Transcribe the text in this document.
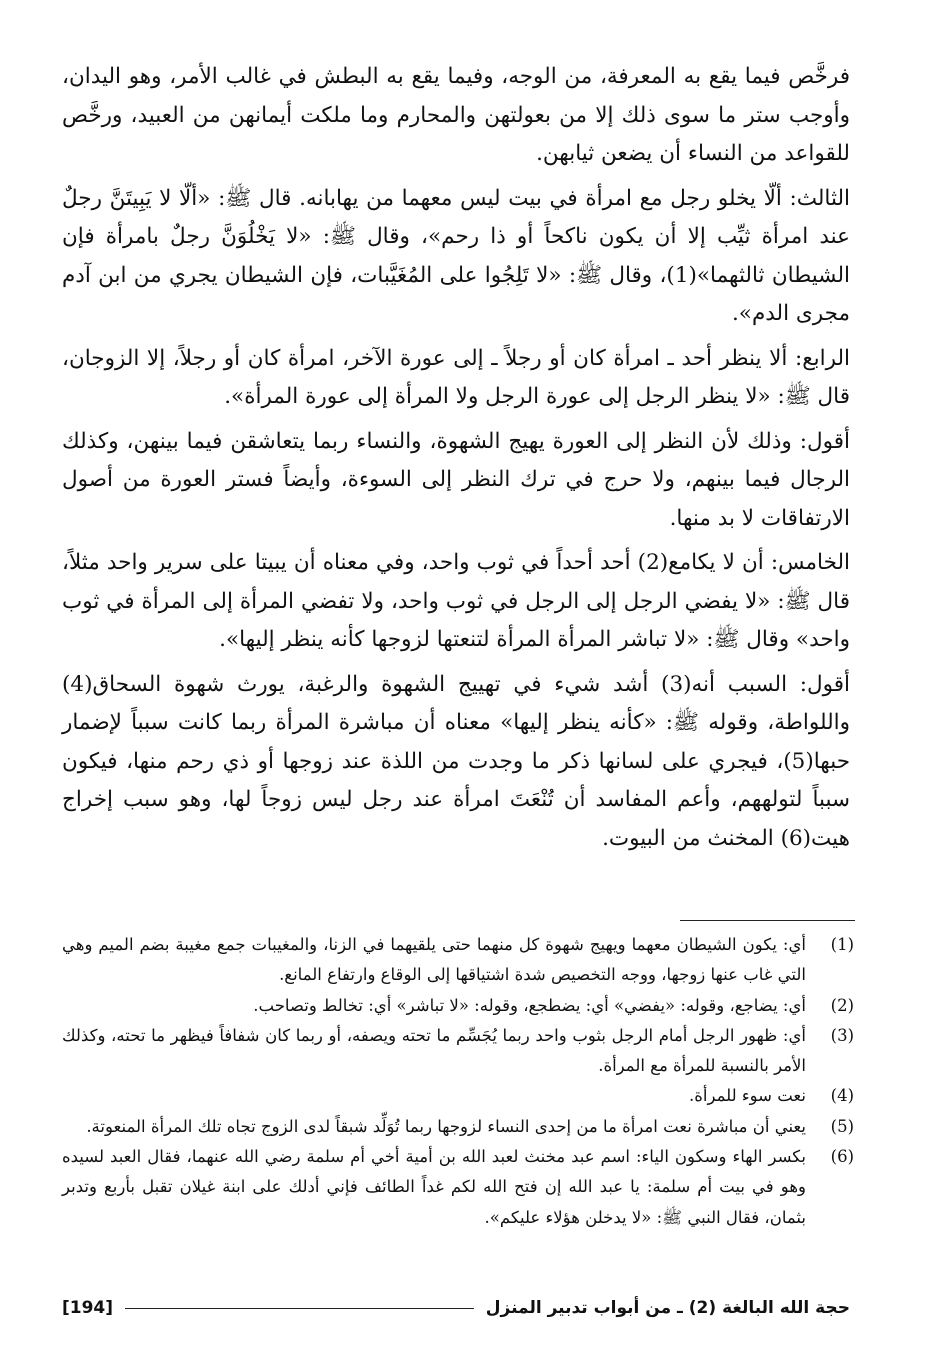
فرخَّص فيما يقع به المعرفة، من الوجه، وفيما يقع به البطش في غالب الأمر، وهو اليدان، وأوجب ستر ما سوى ذلك إلا من بعولتهن والمحارم وما ملكت أيمانهن من العبيد، ورخَّص للقواعد من النساء أن يضعن ثيابهن.

الثالث: ألّا يخلو رجل مع امرأة في بيت ليس معهما من يهابانه. قال ﷺ: «ألّا لا يَبِيتَنَّ رجلٌ عند امرأة ثيِّب إلا أن يكون ناكحاً أو ذا رحم»، وقال ﷺ: «لا يَخْلُوَنَّ رجلٌ بامرأة فإن الشيطان ثالثهما»(1)، وقال ﷺ: «لا تَلِجُوا على المُغَيَّبات، فإن الشيطان يجري من ابن آدم مجرى الدم».

الرابع: ألا ينظر أحد ـ امرأة كان أو رجلاً ـ إلى عورة الآخر، امرأة كان أو رجلاً، إلا الزوجان، قال ﷺ: «لا ينظر الرجل إلى عورة الرجل ولا المرأة إلى عورة المرأة».

أقول: وذلك لأن النظر إلى العورة يهيج الشهوة، والنساء ربما يتعاشقن فيما بينهن، وكذلك الرجال فيما بينهم، ولا حرج في ترك النظر إلى السوءة، وأيضاً فستر العورة من أصول الارتفاقات لا بد منها.

الخامس: أن لا يكامع(2) أحد أحداً في ثوب واحد، وفي معناه أن يبيتا على سرير واحد مثلاً، قال ﷺ: «لا يفضي الرجل إلى الرجل في ثوب واحد، ولا تفضي المرأة إلى المرأة في ثوب واحد» وقال ﷺ: «لا تباشر المرأة المرأة لتنعتها لزوجها كأنه ينظر إليها».

أقول: السبب أنه(3) أشد شيء في تهييج الشهوة والرغبة، يورث شهوة السحاق(4) واللواطة، وقوله ﷺ: «كأنه ينظر إليها» معناه أن مباشرة المرأة ربما كانت سبباً لإضمار حبها(5)، فيجري على لسانها ذكر ما وجدت من اللذة عند زوجها أو ذي رحم منها، فيكون سبباً لتولههم، وأعم المفاسد أن تُنْعَتَ امرأة عند رجل ليس زوجاً لها، وهو سبب إخراج هيت(6) المخنث من البيوت.

(1)
أي: يكون الشيطان معهما ويهيج شهوة كل منهما حتى يلقيهما في الزنا، والمغيبات جمع مغيبة بضم الميم وهي التي غاب عنها زوجها، ووجه التخصيص شدة اشتياقها إلى الوقاع وارتفاع المانع.
(2)
أي: يضاجع، وقوله: «يفضي» أي: يضطجع، وقوله: «لا تباشر» أي: تخالط وتصاحب.
(3)
أي: ظهور الرجل أمام الرجل بثوب واحد ربما يُجَسِّم ما تحته ويصفه، أو ربما كان شفافاً فيظهر ما تحته، وكذلك الأمر بالنسبة للمرأة مع المرأة.
(4)
نعت سوء للمرأة.
(5)
يعني أن مباشرة نعت امرأة ما من إحدى النساء لزوجها ربما تُوَلِّد شبقاً لدى الزوج تجاه تلك المرأة المنعوتة.
(6)
بكسر الهاء وسكون الياء: اسم عبد مخنث لعبد الله بن أمية أخي أم سلمة رضي الله عنهما، فقال العبد لسيده وهو في بيت أم سلمة: يا عبد الله إن فتح الله لكم غداً الطائف فإني أدلك على ابنة غيلان تقبل بأربع وتدبر بثمان، فقال النبي ﷺ: «لا يدخلن هؤلاء عليكم».
[194]	حجة الله البالغة (2) ـ من أبواب تدبير المنزل
